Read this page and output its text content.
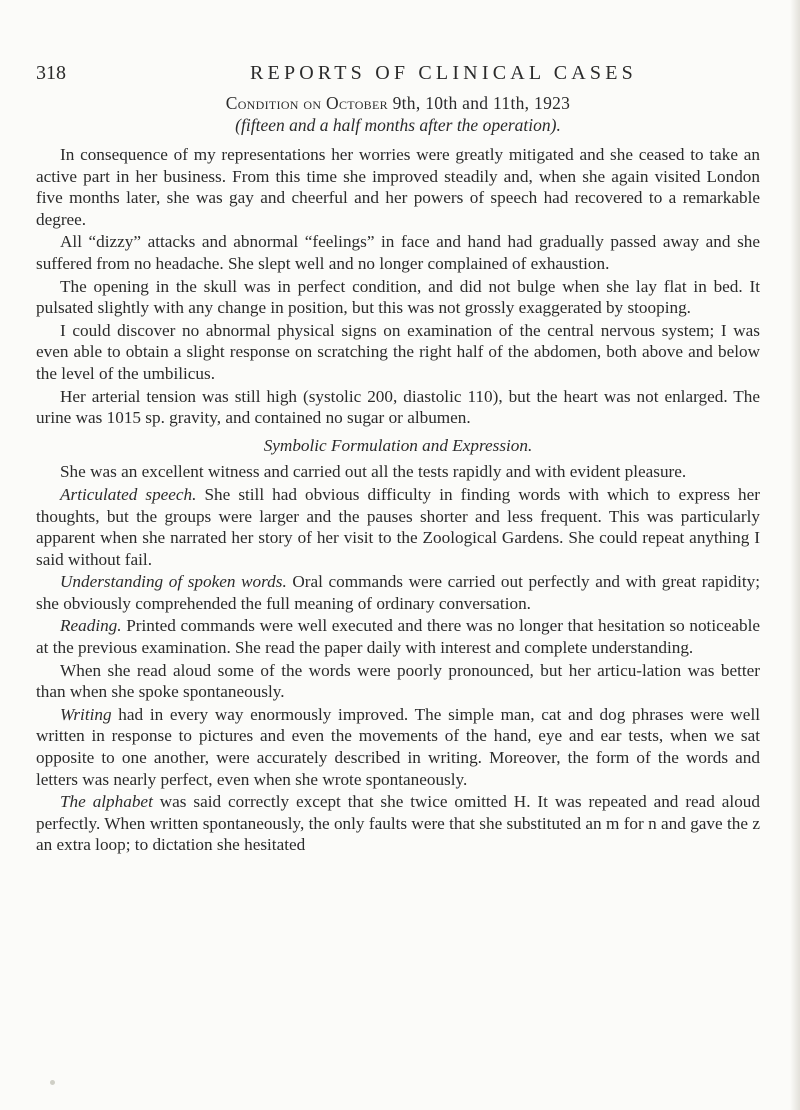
318	REPORTS OF CLINICAL CASES
Condition on October 9th, 10th and 11th, 1923
(fifteen and a half months after the operation).

In consequence of my representations her worries were greatly mitigated and she ceased to take an active part in her business. From this time she improved steadily and, when she again visited London five months later, she was gay and cheerful and her powers of speech had recovered to a remarkable degree.

All “dizzy” attacks and abnormal “feelings” in face and hand had gradually passed away and she suffered from no headache. She slept well and no longer complained of exhaustion.

The opening in the skull was in perfect condition, and did not bulge when she lay flat in bed. It pulsated slightly with any change in position, but this was not grossly exaggerated by stooping.

I could discover no abnormal physical signs on examination of the central nervous system; I was even able to obtain a slight response on scratching the right half of the abdomen, both above and below the level of the umbilicus.

Her arterial tension was still high (systolic 200, diastolic 110), but the heart was not enlarged. The urine was 1015 sp. gravity, and contained no sugar or albumen.

Symbolic Formulation and Expression.

She was an excellent witness and carried out all the tests rapidly and with evident pleasure.

Articulated speech. She still had obvious difficulty in finding words with which to express her thoughts, but the groups were larger and the pauses shorter and less frequent. This was particularly apparent when she narrated her story of her visit to the Zoological Gardens. She could repeat anything I said without fail.

Understanding of spoken words. Oral commands were carried out perfectly and with great rapidity; she obviously comprehended the full meaning of ordinary conversation.

Reading. Printed commands were well executed and there was no longer that hesitation so noticeable at the previous examination. She read the paper daily with interest and complete understanding.

When she read aloud some of the words were poorly pronounced, but her articu-lation was better than when she spoke spontaneously.

Writing had in every way enormously improved. The simple man, cat and dog phrases were well written in response to pictures and even the movements of the hand, eye and ear tests, when we sat opposite to one another, were accurately described in writing. Moreover, the form of the words and letters was nearly perfect, even when she wrote spontaneously.

The alphabet was said correctly except that she twice omitted H. It was repeated and read aloud perfectly. When written spontaneously, the only faults were that she substituted an m for n and gave the z an extra loop; to dictation she hesitated
